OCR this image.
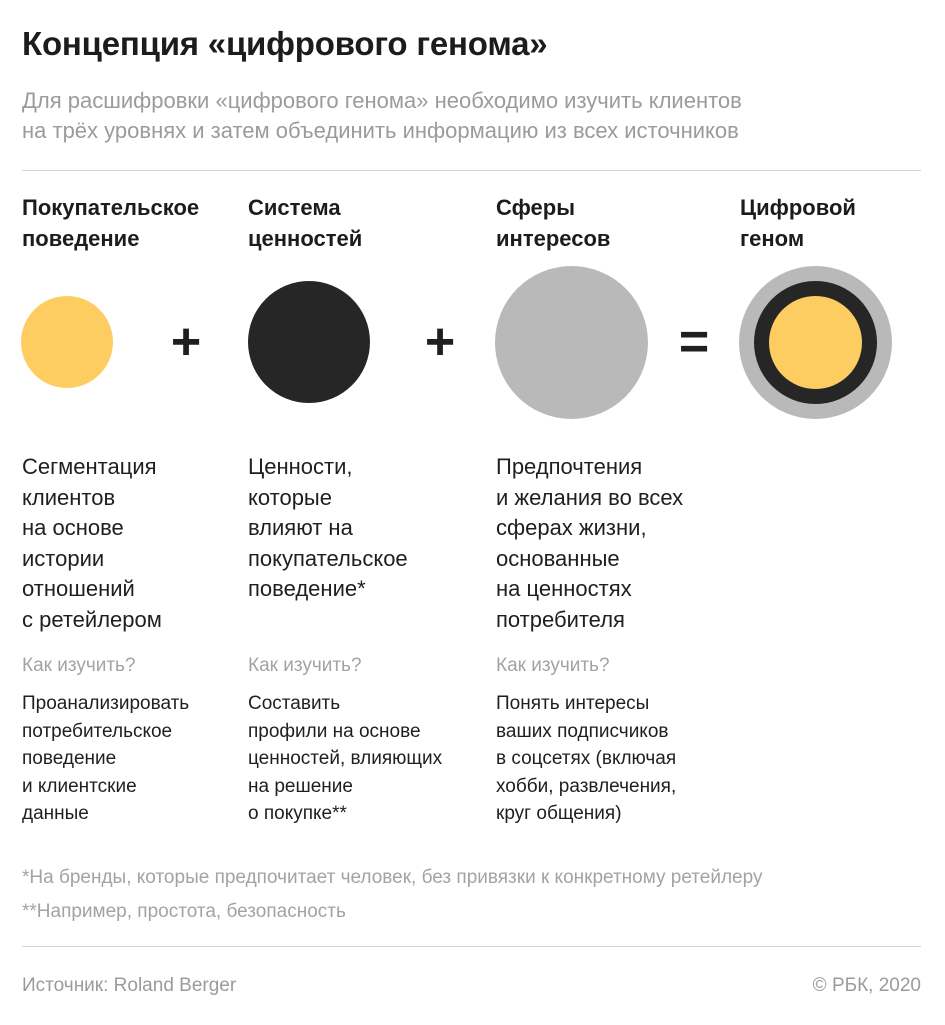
Концепция «цифрового генома»
Для расшифровки «цифрового генома» необходимо изучить клиентов
на трёх уровнях и затем объединить информацию из всех источников
Покупательское
поведение
Система
ценностей
Сферы
интересов
Цифровой
геном
+	+	=
Сегментация
клиентов
на основе
истории
отношений
с ретейлером
Ценности,
которые
влияют на
покупательское
поведение*
Предпочтения
и желания во всех
сферах жизни,
основанные
на ценностях
потребителя
Как изучить?	Как изучить?	Как изучить?
Проанализировать
потребительское
поведение
и клиентские
данные
Составить
профили на основе
ценностей, влияющих
на решение
о покупке**
Понять интересы
ваших подписчиков
в соцсетях (включая
хобби, развлечения,
круг общения)
*На бренды, которые предпочитает человек, без привязки к конкретному ретейлеру
**Например, простота, безопасность
Источник: Roland Berger	© РБК, 2020
